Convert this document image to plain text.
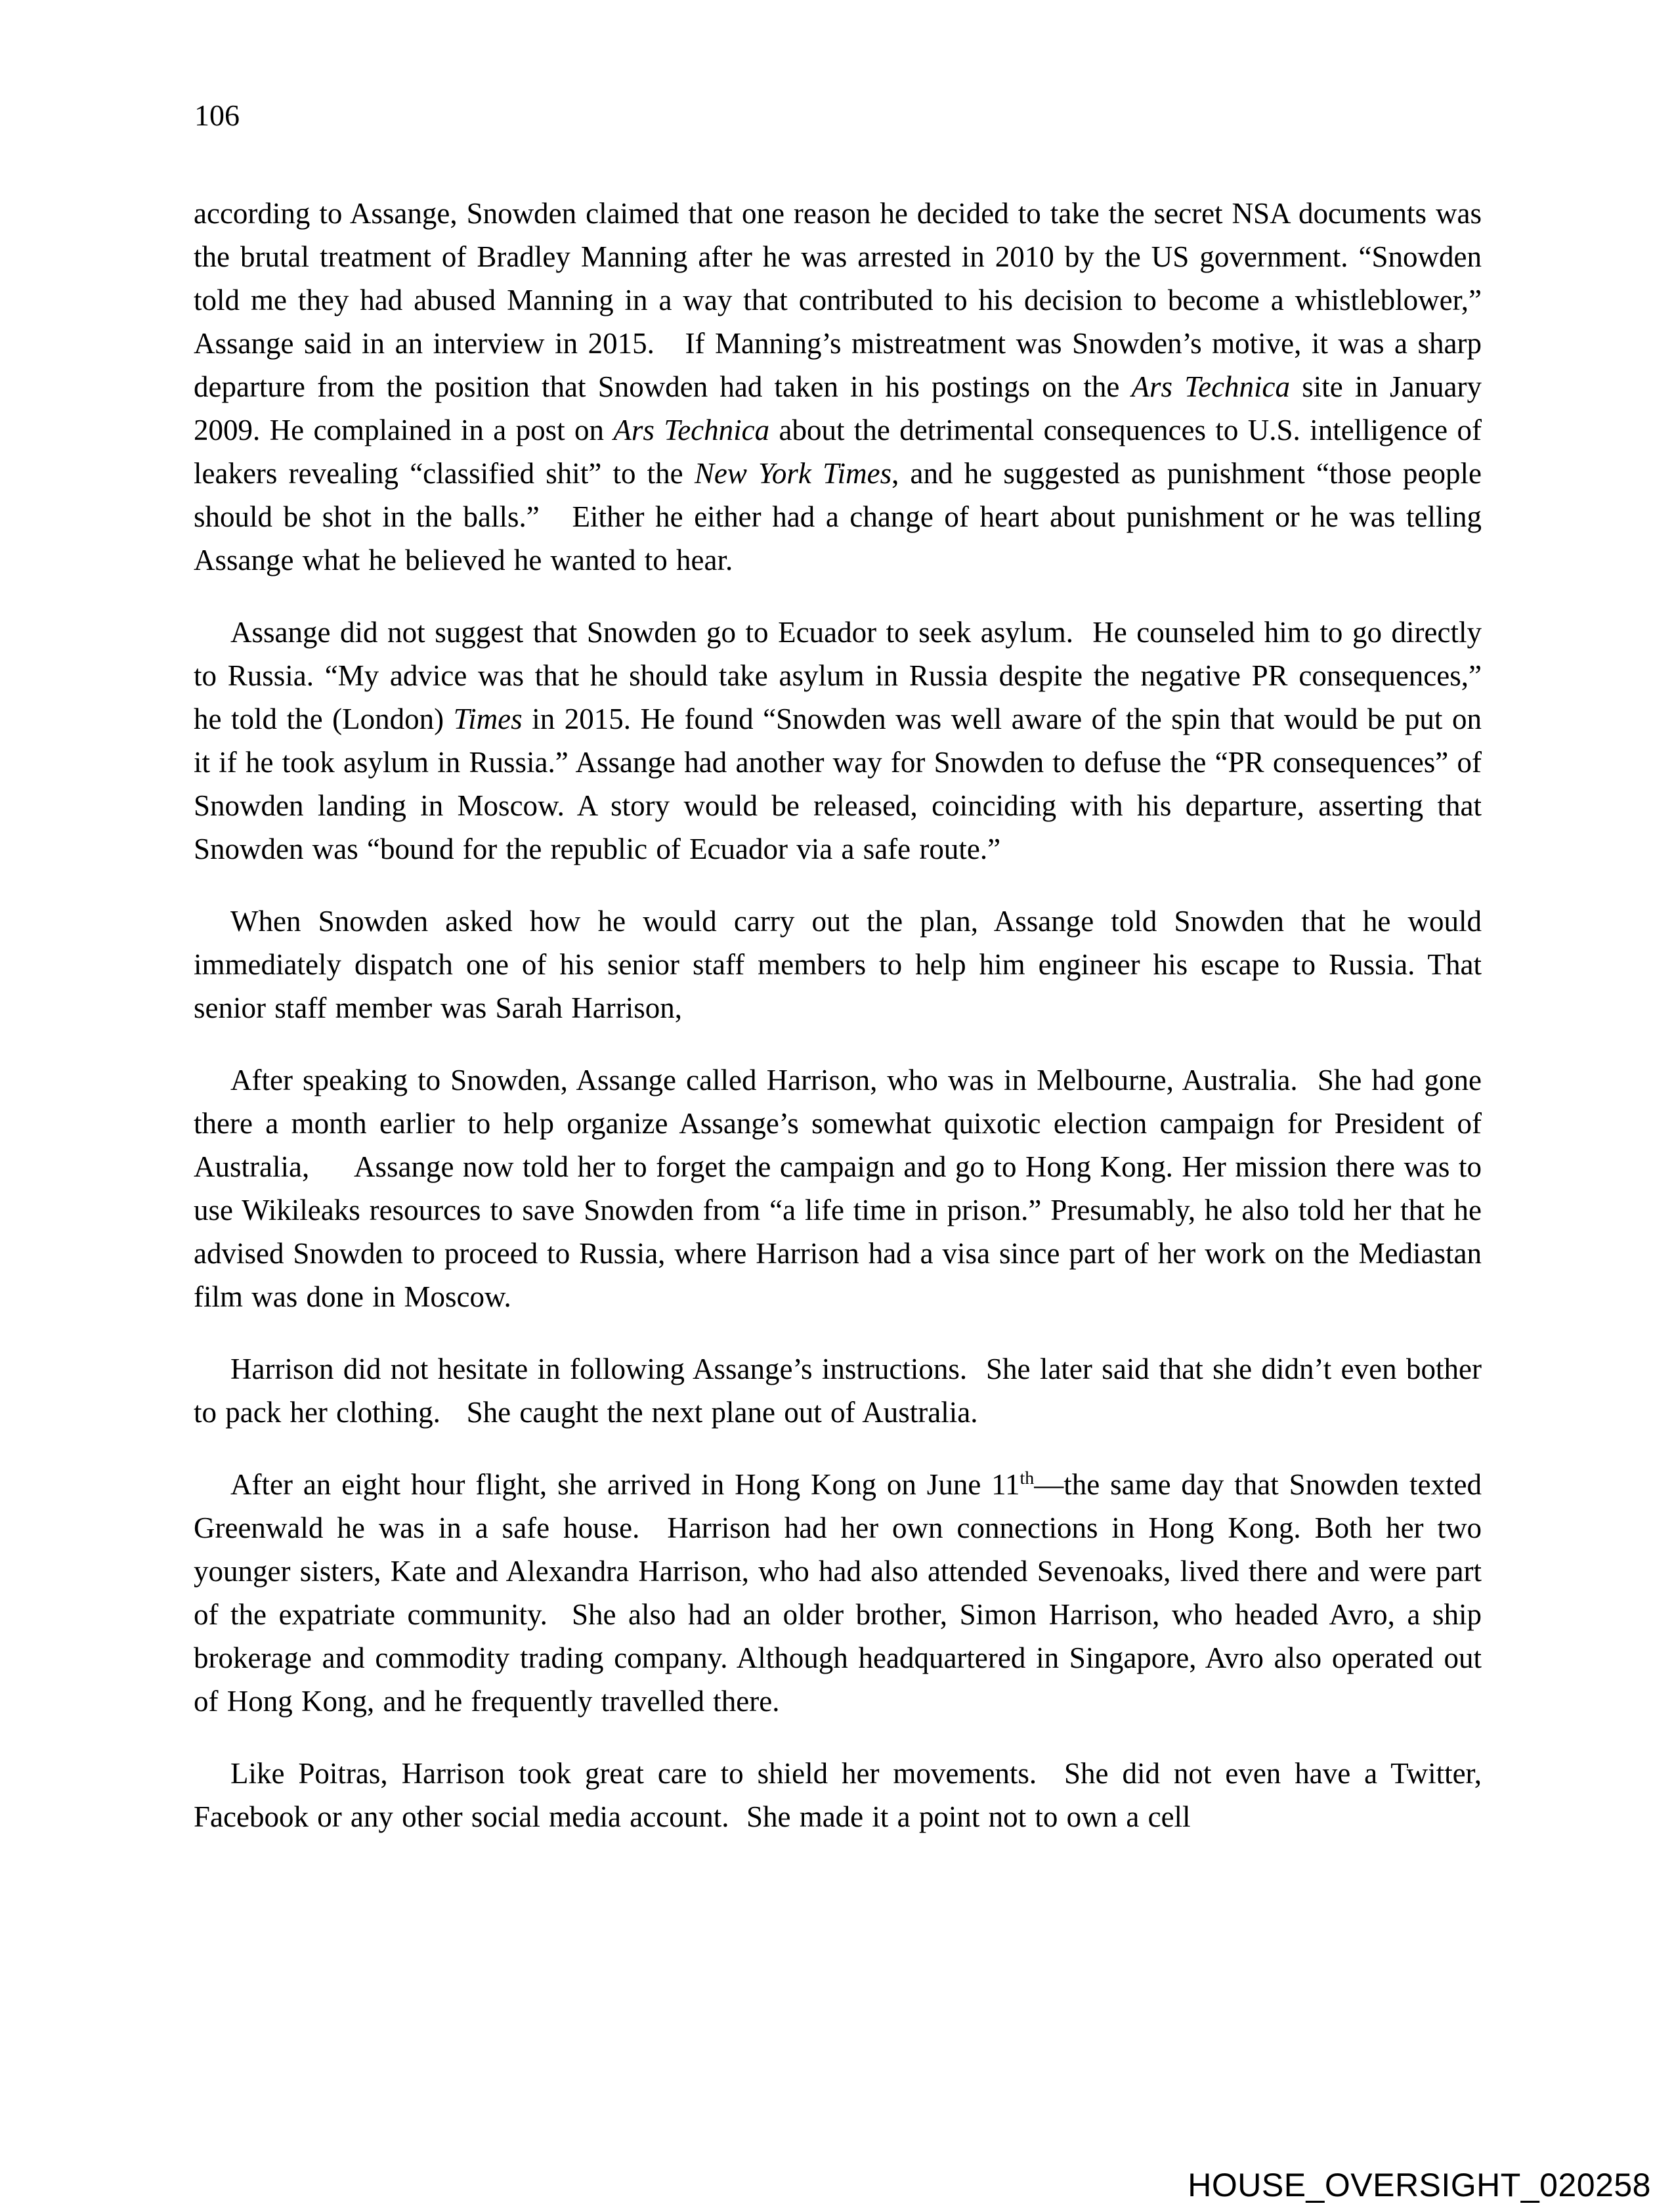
106

according to Assange, Snowden claimed that one reason he decided to take the secret NSA documents was the brutal treatment of Bradley Manning after he was arrested in 2010 by the US government. “Snowden told me they had abused Manning in a way that contributed to his decision to become a whistleblower,” Assange said in an interview in 2015.   If Manning’s mistreatment was Snowden’s motive, it was a sharp departure from the position that Snowden had taken in his postings on the Ars Technica site in January 2009. He complained in a post on Ars Technica about the detrimental consequences to U.S. intelligence of leakers revealing “classified shit” to the New York Times, and he suggested as punishment “those people should be shot in the balls.”   Either he either had a change of heart about punishment or he was telling Assange what he believed he wanted to hear.

Assange did not suggest that Snowden go to Ecuador to seek asylum.  He counseled him to go directly to Russia. “My advice was that he should take asylum in Russia despite the negative PR consequences,” he told the (London) Times in 2015. He found “Snowden was well aware of the spin that would be put on it if he took asylum in Russia.” Assange had another way for Snowden to defuse the “PR consequences” of Snowden landing in Moscow. A story would be released, coinciding with his departure, asserting that Snowden was “bound for the republic of Ecuador via a safe route.”

When Snowden asked how he would carry out the plan, Assange told Snowden that he would immediately dispatch one of his senior staff members to help him engineer his escape to Russia. That senior staff member was Sarah Harrison,

After speaking to Snowden, Assange called Harrison, who was in Melbourne, Australia.  She had gone there a month earlier to help organize Assange’s somewhat quixotic election campaign for President of Australia,     Assange now told her to forget the campaign and go to Hong Kong. Her mission there was to use Wikileaks resources to save Snowden from “a life time in prison.” Presumably, he also told her that he advised Snowden to proceed to Russia, where Harrison had a visa since part of her work on the Mediastan film was done in Moscow.

Harrison did not hesitate in following Assange’s instructions.  She later said that she didn’t even bother to pack her clothing.   She caught the next plane out of Australia.

After an eight hour flight, she arrived in Hong Kong on June 11th—the same day that Snowden texted Greenwald he was in a safe house.  Harrison had her own connections in Hong Kong. Both her two younger sisters, Kate and Alexandra Harrison, who had also attended Sevenoaks, lived there and were part of the expatriate community.  She also had an older brother, Simon Harrison, who headed Avro, a ship brokerage and commodity trading company. Although headquartered in Singapore, Avro also operated out of Hong Kong, and he frequently travelled there.

Like Poitras, Harrison took great care to shield her movements.  She did not even have a Twitter, Facebook or any other social media account.  She made it a point not to own a cell

HOUSE_OVERSIGHT_020258
